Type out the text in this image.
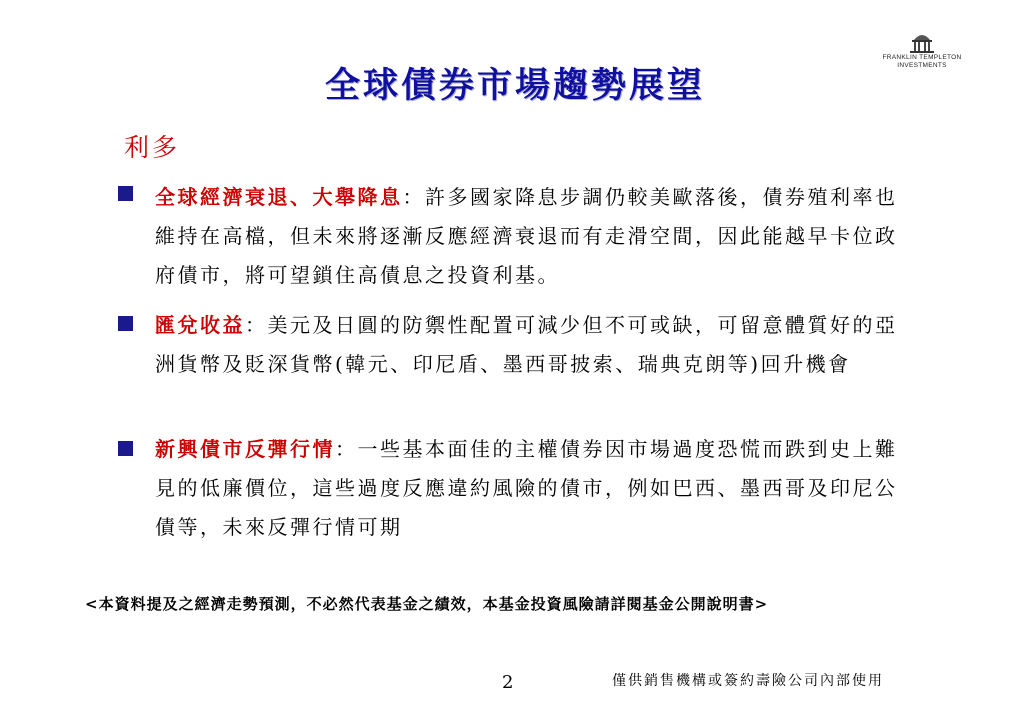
FRANKLIN TEMPLETON
INVESTMENTS
全球債券市場趨勢展望
利多
全球經濟衰退、大舉降息：許多國家降息步調仍較美歐落後，債券殖利率也維持在高檔，但未來將逐漸反應經濟衰退而有走滑空間，因此能越早卡位政府債市，將可望鎖住高債息之投資利基。
匯兌收益：美元及日圓的防禦性配置可減少但不可或缺，可留意體質好的亞洲貨幣及貶深貨幣(韓元、印尼盾、墨西哥披索、瑞典克朗等)回升機會
新興債市反彈行情：一些基本面佳的主權債券因市場過度恐慌而跌到史上難見的低廉價位，這些過度反應違約風險的債市，例如巴西、墨西哥及印尼公債等，未來反彈行情可期
<本資料提及之經濟走勢預測，不必然代表基金之績效，本基金投資風險請詳閱基金公開說明書>
2	僅供銷售機構或簽約壽險公司內部使用
